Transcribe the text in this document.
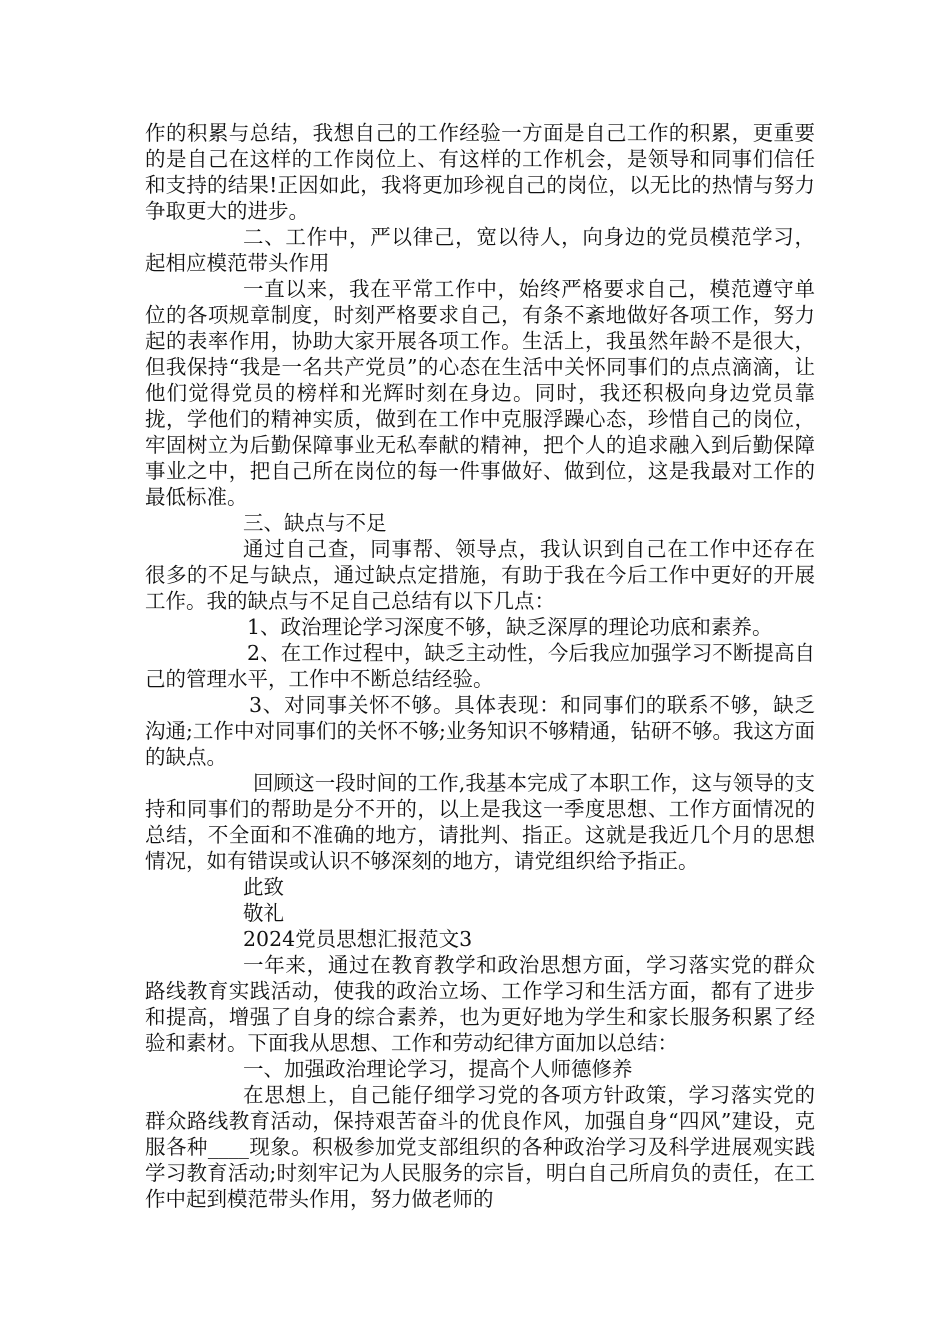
作的积累与总结，我想自己的工作经验一方面是自己工作的积累，更重要的是自己在这样的工作岗位上、有这样的工作机会，是领导和同事们信任和支持的结果!正因如此，我将更加珍视自己的岗位，以无比的热情与努力争取更大的进步。

二、工作中，严以律己，宽以待人，向身边的党员模范学习，起相应模范带头作用

一直以来，我在平常工作中，始终严格要求自己，模范遵守单位的各项规章制度，时刻严格要求自己，有条不紊地做好各项工作，努力起的表率作用，协助大家开展各项工作。生活上，我虽然年龄不是很大，但我保持“我是一名共产党员”的心态在生活中关怀同事们的点点滴滴，让他们觉得党员的榜样和光辉时刻在身边。同时，我还积极向身边党员靠拢，学他们的精神实质，做到在工作中克服浮躁心态，珍惜自己的岗位，牢固树立为后勤保障事业无私奉献的精神，把个人的追求融入到后勤保障事业之中，把自己所在岗位的每一件事做好、做到位，这是我最对工作的最低标准。

三、缺点与不足

通过自己查，同事帮、领导点，我认识到自己在工作中还存在很多的不足与缺点，通过缺点定措施，有助于我在今后工作中更好的开展工作。我的缺点与不足自己总结有以下几点：

1、政治理论学习深度不够，缺乏深厚的理论功底和素养。

2、在工作过程中，缺乏主动性，今后我应加强学习不断提高自己的管理水平，工作中不断总结经验。

3、对同事关怀不够。具体表现：和同事们的联系不够，缺乏沟通;工作中对同事们的关怀不够;业务知识不够精通，钻研不够。我这方面的缺点。

回顾这一段时间的工作,我基本完成了本职工作，这与领导的支持和同事们的帮助是分不开的，以上是我这一季度思想、工作方面情况的总结，不全面和不准确的地方，请批判、指正。这就是我近几个月的思想情况，如有错误或认识不够深刻的地方，请党组织给予指正。

此致

敬礼

2024党员思想汇报范文3

一年来，通过在教育教学和政治思想方面，学习落实党的群众路线教育实践活动，使我的政治立场、工作学习和生活方面，都有了进步和提高，增强了自身的综合素养，也为更好地为学生和家长服务积累了经验和素材。下面我从思想、工作和劳动纪律方面加以总结：

一、加强政治理论学习，提高个人师德修养

在思想上，自己能仔细学习党的各项方针政策，学习落实党的群众路线教育活动，保持艰苦奋斗的优良作风，加强自身“四风”建设，克服各种____现象。积极参加党支部组织的各种政治学习及科学进展观实践学习教育活动;时刻牢记为人民服务的宗旨，明白自己所肩负的责任，在工作中起到模范带头作用，努力做老师的
